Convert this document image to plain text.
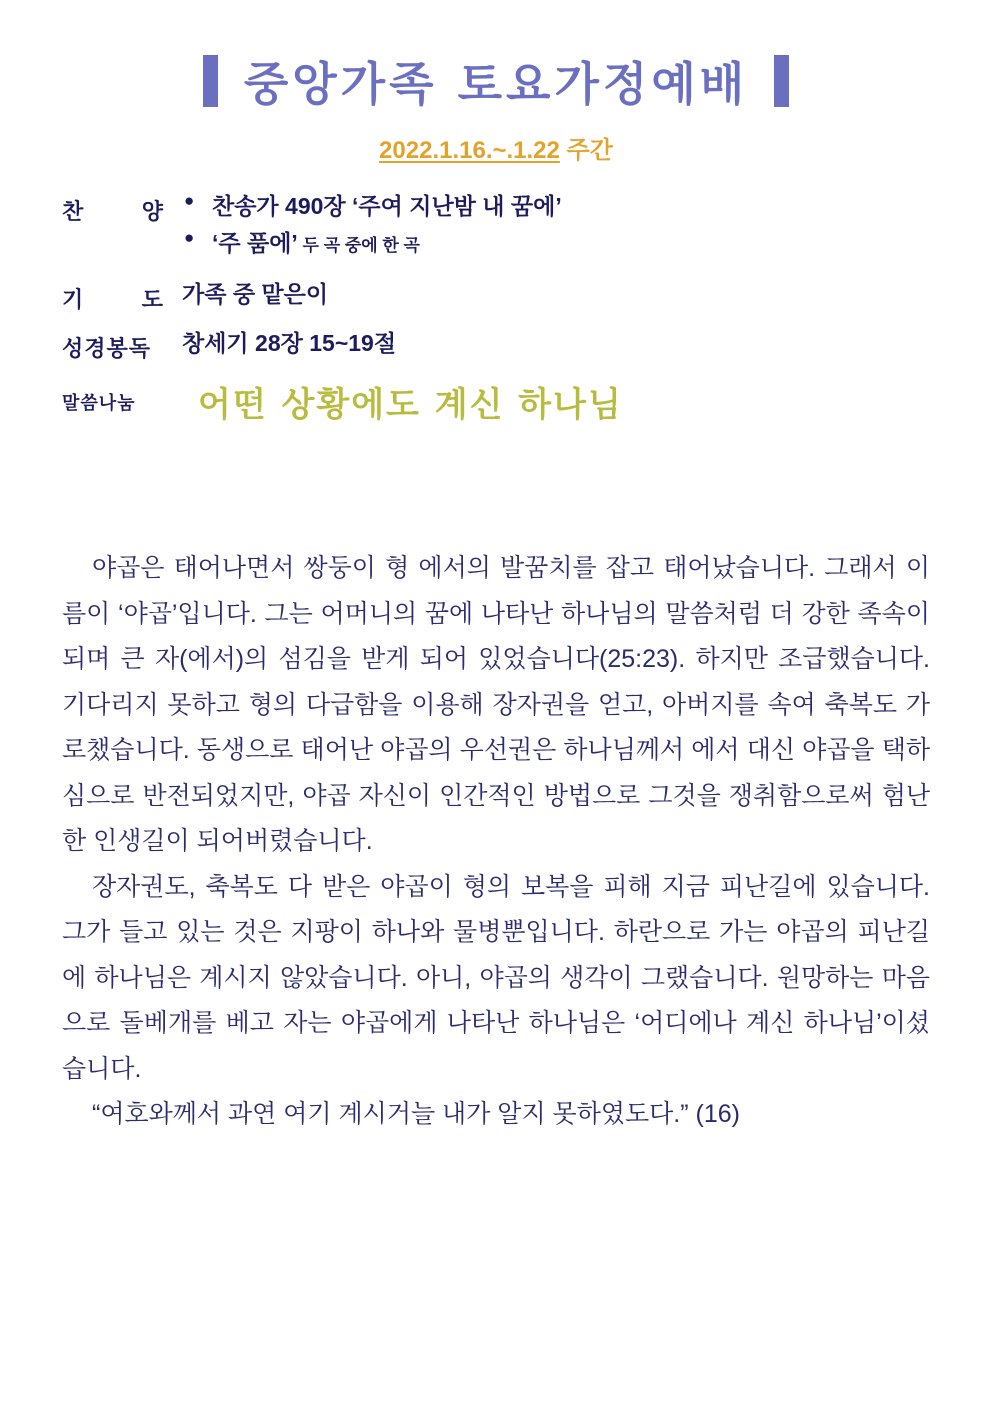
중앙가족 토요가정예배
2022.1.16.~.1.22 주간
찬	양	● 찬송가 490장 ‘주여 지난밤 내 꿈에’
● ‘주 품에’ 두 곡 중에 한 곡
기	도 가족 중 맡은이
성경봉독	창세기 28장 15~19절
말씀나눔	어떤 상황에도 계신 하나님

야곱은 태어나면서 쌍둥이 형 에서의 발꿈치를 잡고 태어났습니다. 그래서 이름이 ‘야곱’입니다. 그는 어머니의 꿈에 나타난 하나님의 말씀처럼 더 강한 족속이 되며 큰 자(에서)의 섬김을 받게 되어 있었습니다(25:23). 하지만 조급했습니다. 기다리지 못하고 형의 다급함을 이용해 장자권을 얻고, 아버지를 속여 축복도 가로챘습니다. 동생으로 태어난 야곱의 우선권은 하나님께서 에서 대신 야곱을 택하심으로 반전되었지만, 야곱 자신이 인간적인 방법으로 그것을 쟁취함으로써 험난한 인생길이 되어버렸습니다.

장자권도, 축복도 다 받은 야곱이 형의 보복을 피해 지금 피난길에 있습니다. 그가 들고 있는 것은 지팡이 하나와 물병뿐입니다. 하란으로 가는 야곱의 피난길에 하나님은 계시지 않았습니다. 아니, 야곱의 생각이 그랬습니다. 원망하는 마음으로 돌베개를 베고 자는 야곱에게 나타난 하나님은 ‘어디에나 계신 하나님’이셨습니다.

“여호와께서 과연 여기 계시거늘 내가 알지 못하였도다.” (16)
